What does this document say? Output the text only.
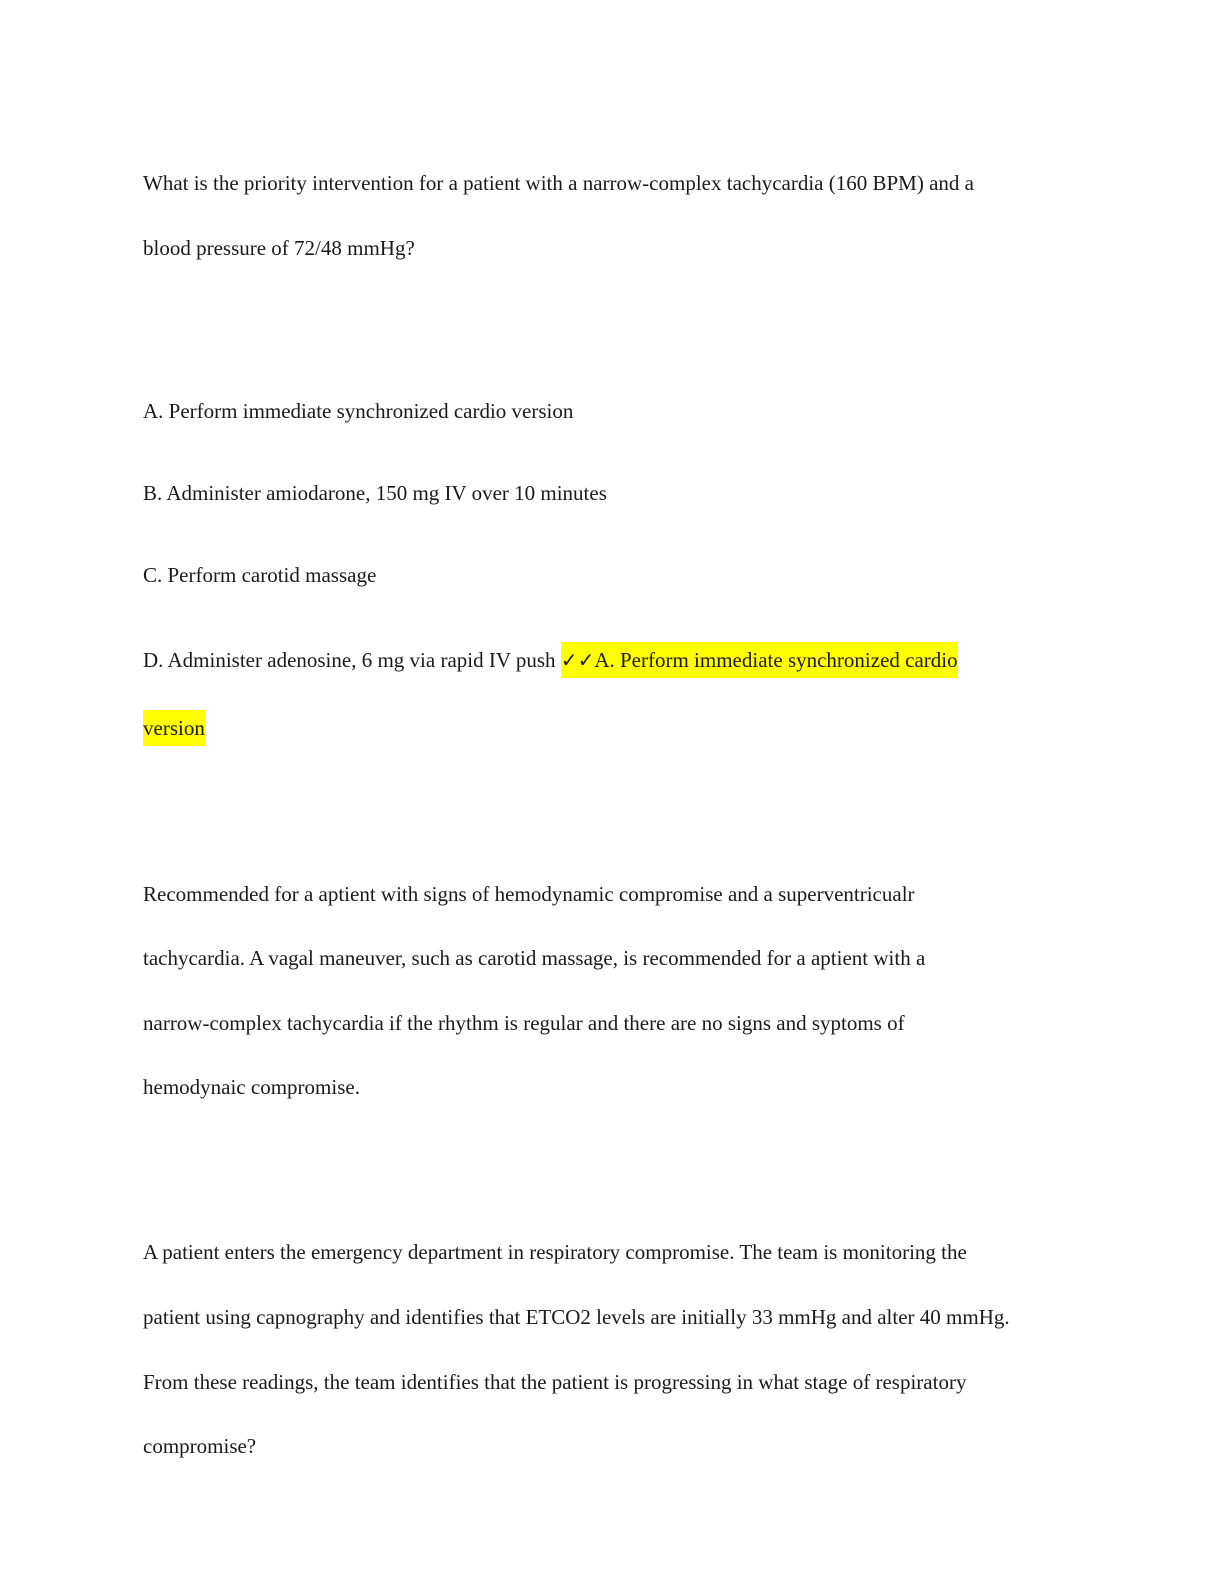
What is the priority intervention for a patient with a narrow-complex tachycardia (160 BPM) and a
blood pressure of 72/48 mmHg?
A. Perform immediate synchronized cardio version
B. Administer amiodarone, 150 mg IV over 10 minutes
C. Perform carotid massage
D. Administer adenosine, 6 mg via rapid IV push ✓✓A. Perform immediate synchronized cardio
version
Recommended for a aptient with signs of hemodynamic compromise and a superventricualr
tachycardia. A vagal maneuver, such as carotid massage, is recommended for a aptient with a
narrow-complex tachycardia if the rhythm is regular and there are no signs and syptoms of
hemodynaic compromise.
A patient enters the emergency department in respiratory compromise. The team is monitoring the
patient using capnography and identifies that ETCO2 levels are initially 33 mmHg and alter 40 mmHg.
From these readings, the team identifies that the patient is progressing in what stage of respiratory
compromise?
